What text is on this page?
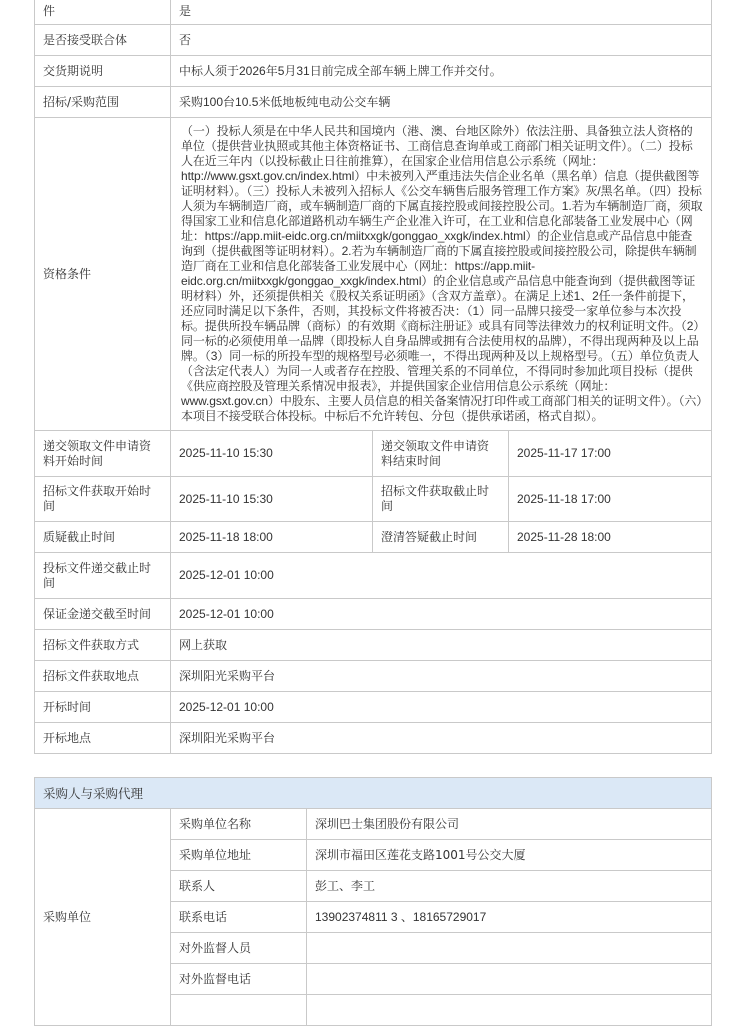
件	是		
是否接受联合体	否		
交货期说明	中标人须于2026年5月31日前完成全部车辆上牌工作并交付。		
招标/采购范围	采购100台10.5米低地板纯电动公交车辆		
资格条件	（一）投标人须是在中华人民共和国境内（港、澳、台地区除外）依法注册、具备独立法人资格的单位（提供营业执照或其他主体资格证书、工商信息查询单或工商部门相关证明文件）。（二）投标人在近三年内（以投标截止日往前推算），在国家企业信用信息公示系统（网址：http://www.gsxt.gov.cn/index.html）中未被列入严重违法失信企业名单（黑名单）信息（提供截图等证明材料）。（三）投标人未被列入招标人《公交车辆售后服务管理工作方案》灰/黑名单。（四）投标人须为车辆制造厂商，或车辆制造厂商的下属直接控股或间接控股公司。1.若为车辆制造厂商，须取得国家工业和信息化部道路机动车辆生产企业准入许可，在工业和信息化部装备工业发展中心（网址：https://app.miit-eidc.org.cn/miitxxgk/gonggao_xxgk/index.html）的企业信息或产品信息中能查询到（提供截图等证明材料）。2.若为车辆制造厂商的下属直接控股或间接控股公司，除提供车辆制造厂商在工业和信息化部装备工业发展中心（网址：https://app.miit-eidc.org.cn/miitxxgk/gonggao_xxgk/index.html）的企业信息或产品信息中能查询到（提供截图等证明材料）外，还须提供相关《股权关系证明函》（含双方盖章）。在满足上述1、2任一条件前提下，还应同时满足以下条件，否则，其投标文件将被否决：（1）同一品牌只接受一家单位参与本次投标。提供所投车辆品牌（商标）的有效期《商标注册证》或具有同等法律效力的权利证明文件。（2）同一标的必须使用单一品牌（即投标人自身品牌或拥有合法使用权的品牌），不得出现两种及以上品牌。（3）同一标的所投车型的规格型号必须唯一，不得出现两种及以上规格型号。（五）单位负责人（含法定代表人）为同一人或者存在控股、管理关系的不同单位，不得同时参加此项目投标（提供《供应商控股及管理关系情况申报表》，并提供国家企业信用信息公示系统（网址：www.gsxt.gov.cn）中股东、主要人员信息的相关备案情况打印件或工商部门相关的证明文件）。（六）本项目不接受联合体投标。中标后不允许转包、分包（提供承诺函，格式自拟）。		
递交领取文件申请资料开始时间	2025-11-10 15:30	递交领取文件申请资料结束时间	2025-11-17 17:00
招标文件获取开始时间	2025-11-10 15:30	招标文件获取截止时间	2025-11-18 17:00
质疑截止时间	2025-11-18 18:00	澄清答疑截止时间	2025-11-28 18:00
投标文件递交截止时间	2025-12-01 10:00		
保证金递交截至时间	2025-12-01 10:00		
招标文件获取方式	网上获取		
招标文件获取地点	深圳阳光采购平台		
开标时间	2025-12-01 10:00		
开标地点	深圳阳光采购平台		
采购人与采购代理		
采购单位	采购单位名称	深圳巴士集团股份有限公司
	采购单位地址	深圳市福田区莲花支路1001号公交大厦
	联系人	彭工、李工
	联系电话	13902374811 3 、18165729017
	对外监督人员	
	对外监督电话	
